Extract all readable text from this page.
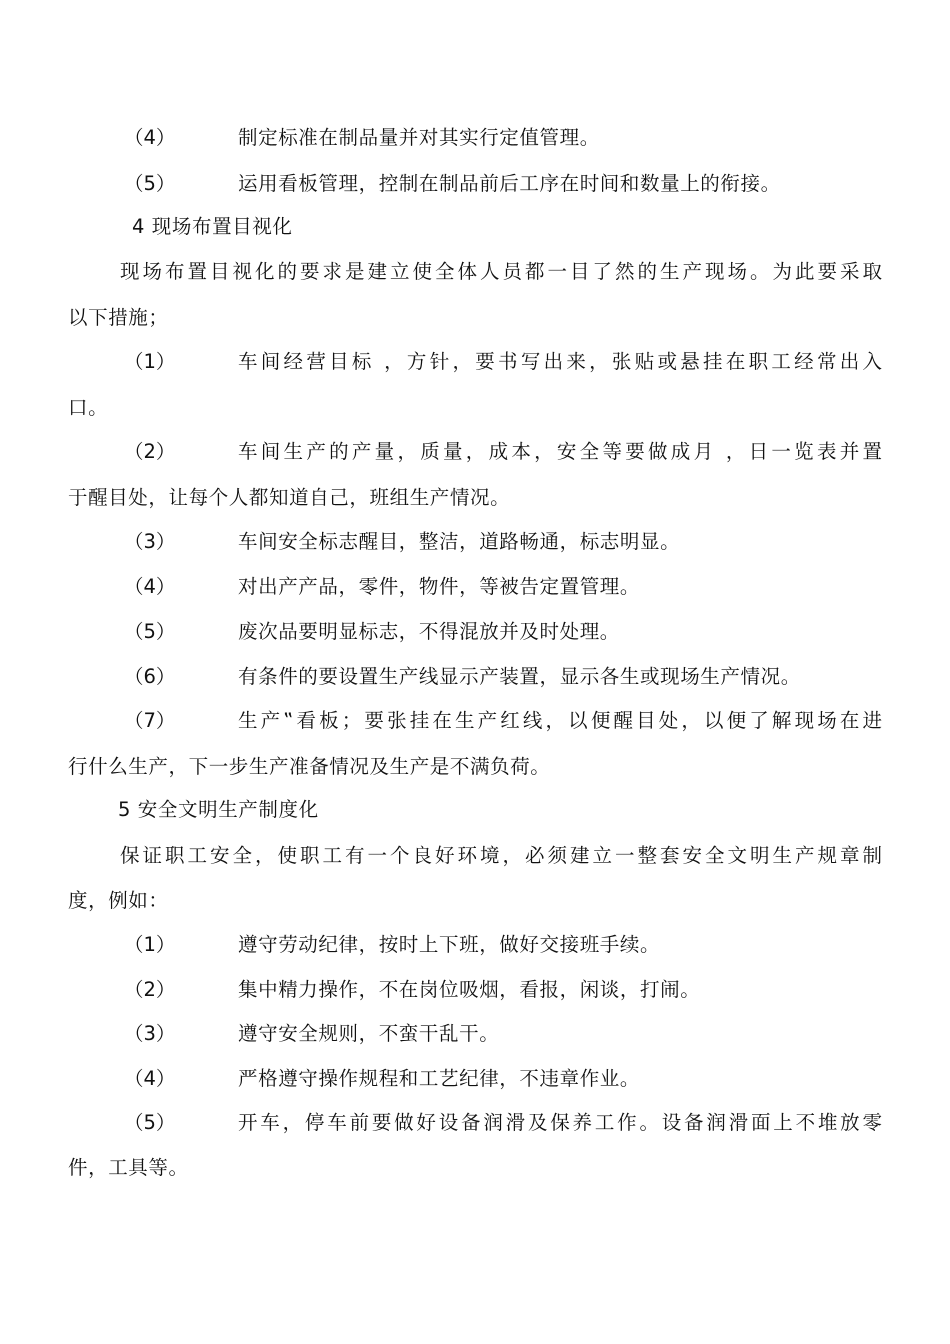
（4）	制定标准在制品量并对其实行定值管理。
（5）	运用看板管理，控制在制品前后工序在时间和数量上的衔接。
4 现场布置目视化
现场布置目视化的要求是建立使全体人员都一目了然的生产现场。为此要采取
以下措施；
（1）	车间经营目标 ，方针，要书写出来，张贴或悬挂在职工经常出入
口。
（2）	车间生产的产量，质量，成本，安全等要做成月 ，日一览表并置
于醒目处，让每个人都知道自己，班组生产情况。
（3）	车间安全标志醒目，整洁，道路畅通，标志明显。
（4）	对出产产品，零件，物件，等被告定置管理。
（5）	废次品要明显标志，不得混放并及时处理。
（6）	有条件的要设置生产线显示产装置，显示各生或现场生产情况。
（7）	生产‟看板；要张挂在生产红线，以便醒目处，以便了解现场在进
行什么生产，下一步生产准备情况及生产是不满负荷。
5 安全文明生产制度化
保证职工安全，使职工有一个良好环境，必须建立一整套安全文明生产规章制
度，例如：
（1）	遵守劳动纪律，按时上下班，做好交接班手续。
（2）	集中精力操作，不在岗位吸烟，看报，闲谈，打闹。
（3）	遵守安全规则，不蛮干乱干。
（4）	严格遵守操作规程和工艺纪律，不违章作业。
（5）	开车，停车前要做好设备润滑及保养工作。设备润滑面上不堆放零
件，工具等。
